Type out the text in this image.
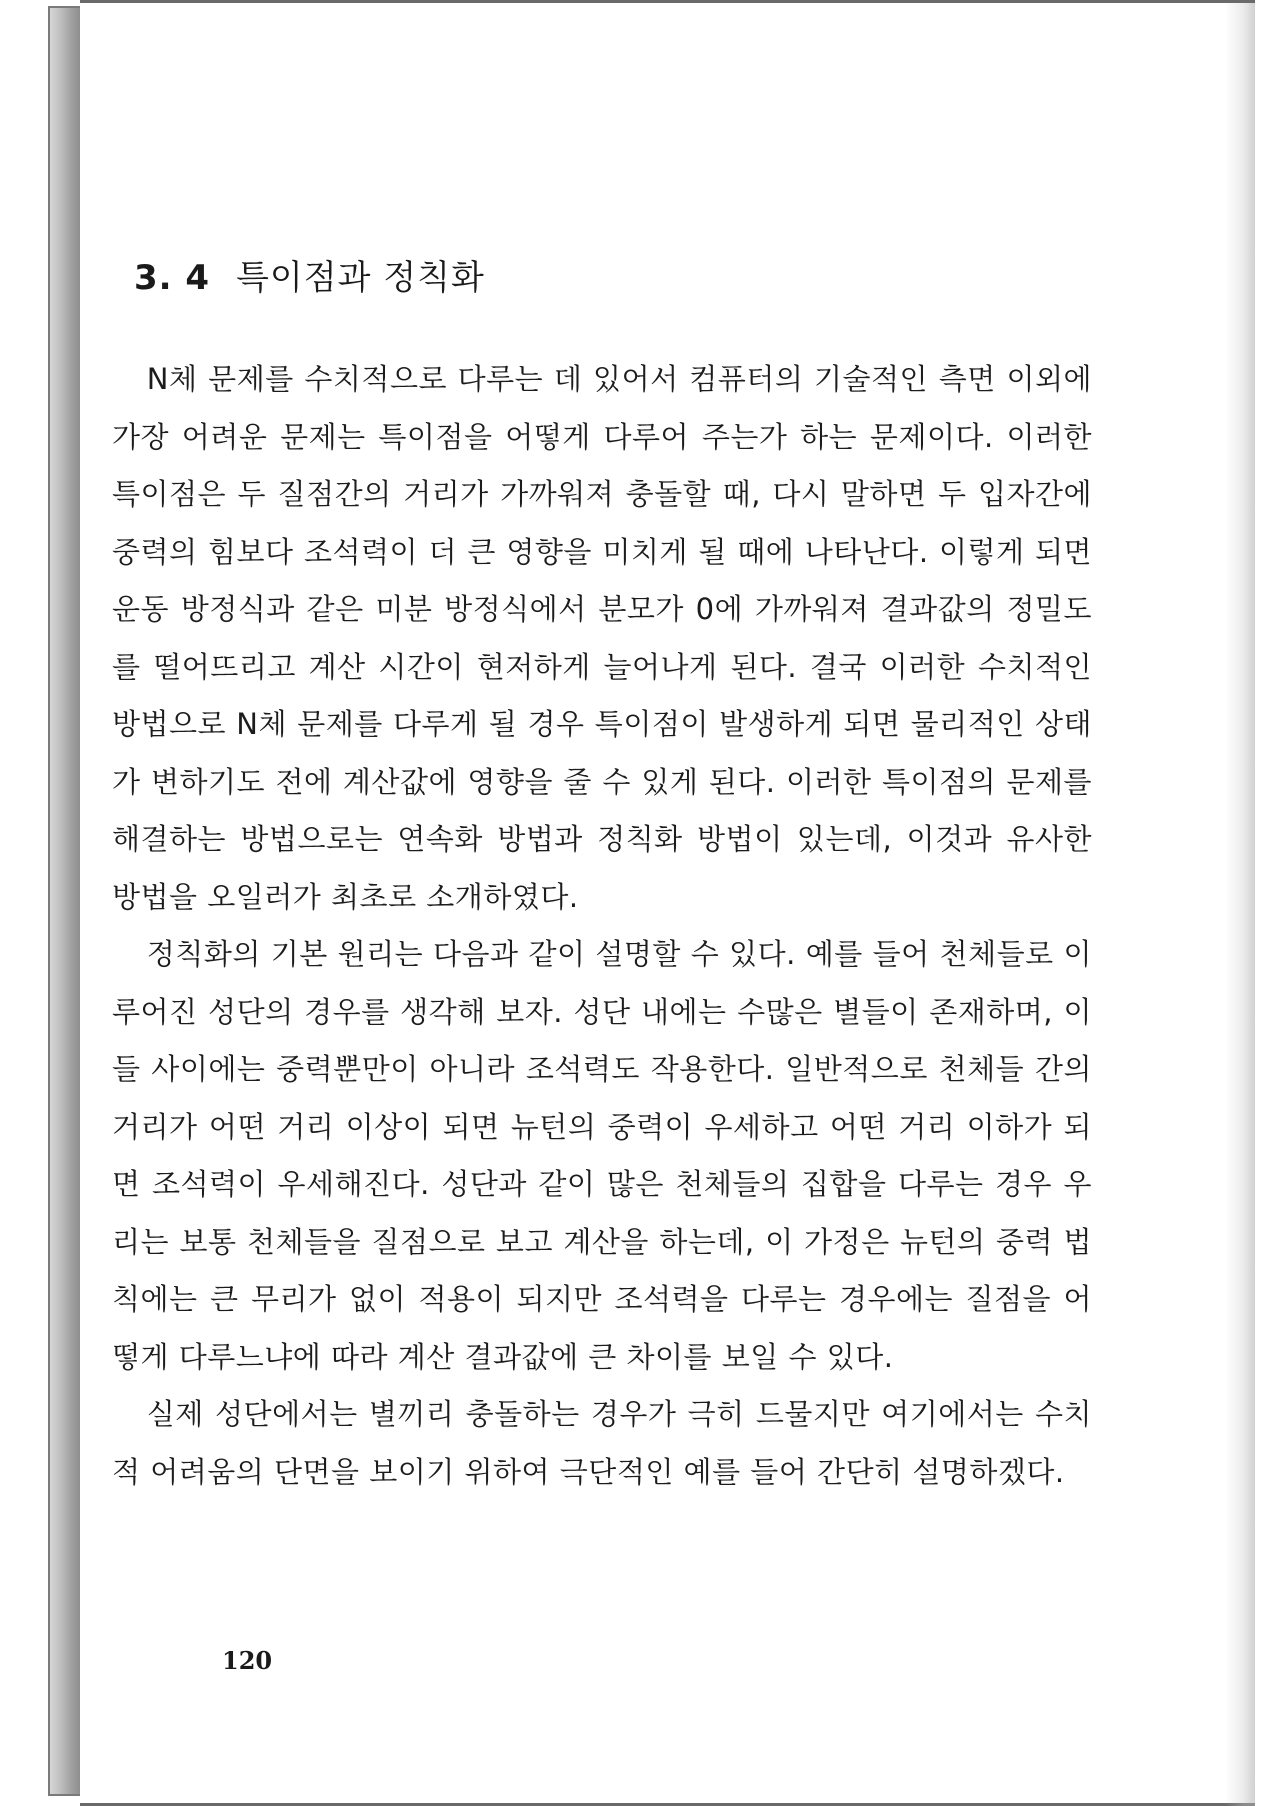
3. 4 특이점과 정칙화

N체 문제를 수치적으로 다루는 데 있어서 컴퓨터의 기술적인 측면 이외에 가장 어려운 문제는 특이점을 어떻게 다루어 주는가 하는 문제이다. 이러한 특이점은 두 질점간의 거리가 가까워져 충돌할 때, 다시 말하면 두 입자간에 중력의 힘보다 조석력이 더 큰 영향을 미치게 될 때에 나타난다. 이렇게 되면 운동 방정식과 같은 미분 방정식에서 분모가 0에 가까워져 결과값의 정밀도를 떨어뜨리고 계산 시간이 현저하게 늘어나게 된다. 결국 이러한 수치적인 방법으로 N체 문제를 다루게 될 경우 특이점이 발생하게 되면 물리적인 상태가 변하기도 전에 계산값에 영향을 줄 수 있게 된다. 이러한 특이점의 문제를 해결하는 방법으로는 연속화 방법과 정칙화 방법이 있는데, 이것과 유사한 방법을 오일러가 최초로 소개하였다.

정칙화의 기본 원리는 다음과 같이 설명할 수 있다. 예를 들어 천체들로 이루어진 성단의 경우를 생각해 보자. 성단 내에는 수많은 별들이 존재하며, 이들 사이에는 중력뿐만이 아니라 조석력도 작용한다. 일반적으로 천체들 간의 거리가 어떤 거리 이상이 되면 뉴턴의 중력이 우세하고 어떤 거리 이하가 되면 조석력이 우세해진다. 성단과 같이 많은 천체들의 집합을 다루는 경우 우리는 보통 천체들을 질점으로 보고 계산을 하는데, 이 가정은 뉴턴의 중력 법칙에는 큰 무리가 없이 적용이 되지만 조석력을 다루는 경우에는 질점을 어떻게 다루느냐에 따라 계산 결과값에 큰 차이를 보일 수 있다.

실제 성단에서는 별끼리 충돌하는 경우가 극히 드물지만 여기에서는 수치적 어려움의 단면을 보이기 위하여 극단적인 예를 들어 간단히 설명하겠다.

120
